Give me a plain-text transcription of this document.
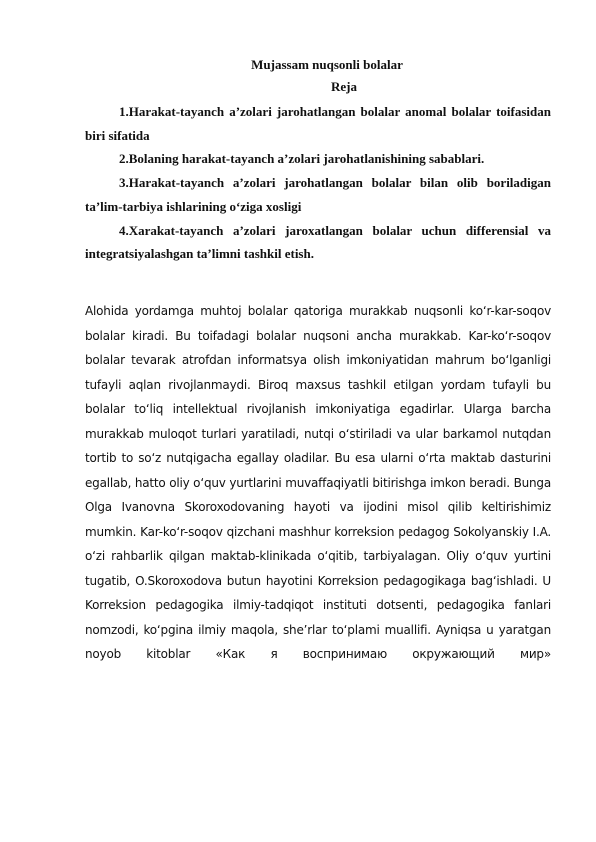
Mujassam nuqsonli bolalar
Reja

1.Harakat-tayanch a’zolari jarohatlangan bolalar anomal bolalar toifasidan biri sifatida

2.Bolaning harakat-tayanch a’zolari jarohatlanishining sabablari.

3.Harakat-tayanch a’zolari jarohatlangan bolalar bilan olib boriladigan ta’lim-tarbiya ishlarining o‘ziga xosligi

4.Xarakat-tayanch a’zolari jaroxatlangan bolalar uchun differensial va integratsiyalashgan ta’limni tashkil etish.

Alohida yordamga muhtoj bolalar qatoriga murakkab nuqsonli ko‘r-kar-soqov bolalar kiradi. Bu toifadagi bolalar nuqsoni ancha murakkab. Kar-ko‘r-soqov bolalar tevarak atrofdan informatsya olish imkoniyatidan mahrum bo‘lganligi tufayli aqlan rivojlanmaydi. Biroq maxsus tashkil etilgan yordam tufayli bu bolalar to‘liq intellektual rivojlanish imkoniyatiga egadirlar. Ularga barcha murakkab muloqot turlari yaratiladi, nutqi o‘stiriladi va ular barkamol nutqdan tortib to so‘z nutqigacha egallay oladilar. Bu esa ularni o‘rta maktab dasturini egallab, hatto oliy o‘quv yurtlarini muvaffaqiyatli bitirishga imkon beradi. Bunga Olga Ivanovna Skoroxodovaning hayoti va ijodini misol qilib keltirishimiz mumkin. Kar-ko‘r-soqov qizchani mashhur korreksion pedagog Sokolyanskiy I.A. o‘zi rahbarlik qilgan maktab-klinikada o‘qitib, tarbiyalagan. Oliy o‘quv yurtini tugatib, O.Skoroxodova butun hayotini Korreksion pedagogikaga bag‘ishladi. U Korreksion pedagogika ilmiy-tadqiqot instituti dotsenti, pedagogika fanlari nomzodi, ko‘pgina ilmiy maqola, she’rlar to‘plami muallifi. Ayniqsa u yaratgan noyob kitoblar «Как я воспринимаю окружающий мир»
